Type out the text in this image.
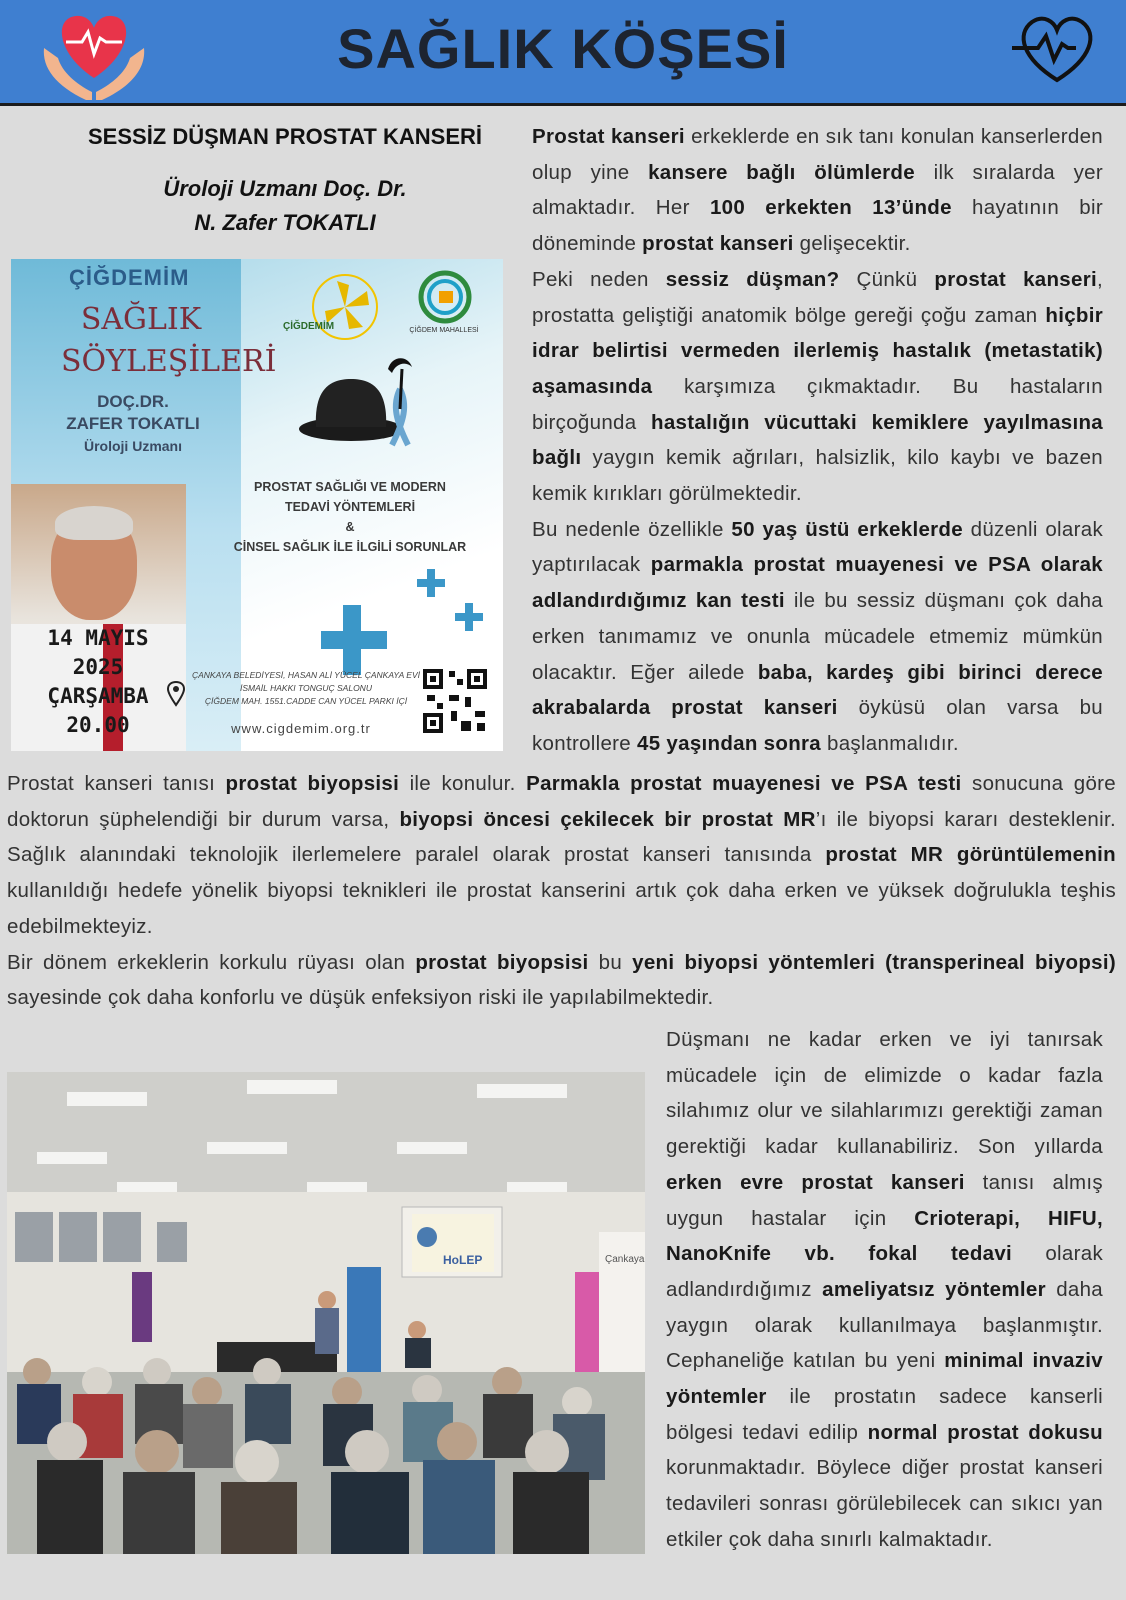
SAĞLIK KÖŞESİ
SESSİZ DÜŞMAN PROSTAT KANSERİ
Üroloji Uzmanı Doç. Dr.
N. Zafer TOKATLI
ÇİĞDEMİM
SAĞLIK
SÖYLEŞİLERİ
DOÇ.DR.
ZAFER TOKATLI
Üroloji Uzmanı
14 MAYIS
2025
ÇARŞAMBA
20.00
ÇİĞDEMİM	ÇİĞDEM MAHALLESİ
PROSTAT SAĞLIĞI VE MODERN
TEDAVİ YÖNTEMLERİ
&
CİNSEL SAĞLIK İLE İLGİLİ SORUNLAR
ÇANKAYA BELEDİYESİ, HASAN ALİ YÜCEL ÇANKAYA EVİ
İSMAİL HAKKI TONGUÇ SALONU
ÇİĞDEM MAH. 1551.CADDE CAN YÜCEL PARKI İÇİ
www.cigdemim.org.tr
Prostat kanseri erkeklerde en sık tanı konulan kanserlerden olup yine kansere bağlı ölümlerde ilk sıralarda yer almaktadır. Her 100 erkekten 13’ünde hayatının bir döneminde prostat kanseri gelişecektir.
Peki neden sessiz düşman? Çünkü prostat kanseri, prostatta geliştiği anatomik bölge gereği çoğu zaman hiçbir idrar belirtisi vermeden ilerlemiş hastalık (metastatik) aşamasında karşımıza çıkmaktadır. Bu hastaların birçoğunda hastalığın vücuttaki kemiklere yayılmasına bağlı yaygın kemik ağrıları, halsizlik, kilo kaybı ve bazen kemik kırıkları görülmektedir.
Bu nedenle özellikle 50 yaş üstü erkeklerde düzenli olarak yaptırılacak parmakla prostat muayenesi ve PSA olarak adlandırdığımız kan testi ile bu sessiz düşmanı çok daha erken tanımamız ve onunla mücadele etmemiz mümkün olacaktır. Eğer ailede baba, kardeş gibi birinci derece akrabalarda prostat kanseri öyküsü olan varsa bu kontrollere 45 yaşından sonra başlanmalıdır.
Prostat kanseri tanısı prostat biyopsisi ile konulur. Parmakla prostat muayenesi ve PSA testi sonucuna göre doktorun şüphelendiği bir durum varsa, biyopsi öncesi çekilecek bir prostat MR’ı ile biyopsi kararı desteklenir. Sağlık alanındaki teknolojik ilerlemelere paralel olarak prostat kanseri tanısında prostat MR görüntülemenin kullanıldığı hedefe yönelik biyopsi teknikleri ile prostat kanserini artık çok daha erken ve yüksek doğrulukla teşhis edebilmekteyiz.
Bir dönem erkeklerin korkulu rüyası olan prostat biyopsisi bu yeni biyopsi yöntemleri (transperineal biyopsi) sayesinde çok daha konforlu ve düşük enfeksiyon riski ile yapılabilmektedir.
HoLEP	Çankaya
Düşmanı ne kadar erken ve iyi tanırsak mücadele için de elimizde o kadar fazla silahımız olur ve silahlarımızı gerektiği zaman gerektiği kadar kullanabiliriz. Son yıllarda erken evre prostat kanseri tanısı almış uygun hastalar için Crioterapi, HIFU, NanoKnife vb. fokal tedavi olarak adlandırdığımız ameliyatsız yöntemler daha yaygın olarak kullanılmaya başlanmıştır. Cephaneliğe katılan bu yeni minimal invaziv yöntemler ile prostatın sadece kanserli bölgesi tedavi edilip normal prostat dokusu korunmaktadır. Böylece diğer prostat kanseri tedavileri sonrası görülebilecek can sıkıcı yan etkiler çok daha sınırlı kalmaktadır.
